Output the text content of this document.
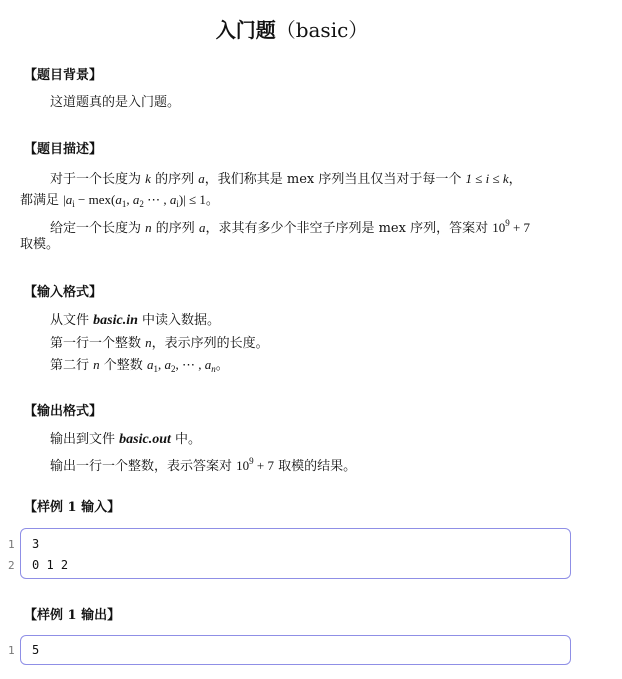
入门题（basic）
【题目背景】
这道题真的是入门题。
【题目描述】
对于一个长度为 k 的序列 a，我们称其是 mex 序列当且仅当对于每一个 1 ≤ i ≤ k，
都满足 $|a_i - mex(a_1$, $a_2$ ⋯ , $a_i)| \le 1$。
给定一个长度为 n 的序列 a，求其有多少个非空子序列是 mex 序列，答案对 $10^9 + 7$
取模。
【输入格式】
从文件 basic.in 中读入数据。
第一行一个整数 n，表示序列的长度。
第二行 n 个整数 $a_1$, $a_2$, ⋯ , $a_n$。
【输出格式】
输出到文件 basic.out 中。
输出一行一个整数，表示答案对 $10^9 + 7$ 取模的结果。
【样例 1 输入】
1
2
3
0 1 2
【样例 1 输出】
1	5
